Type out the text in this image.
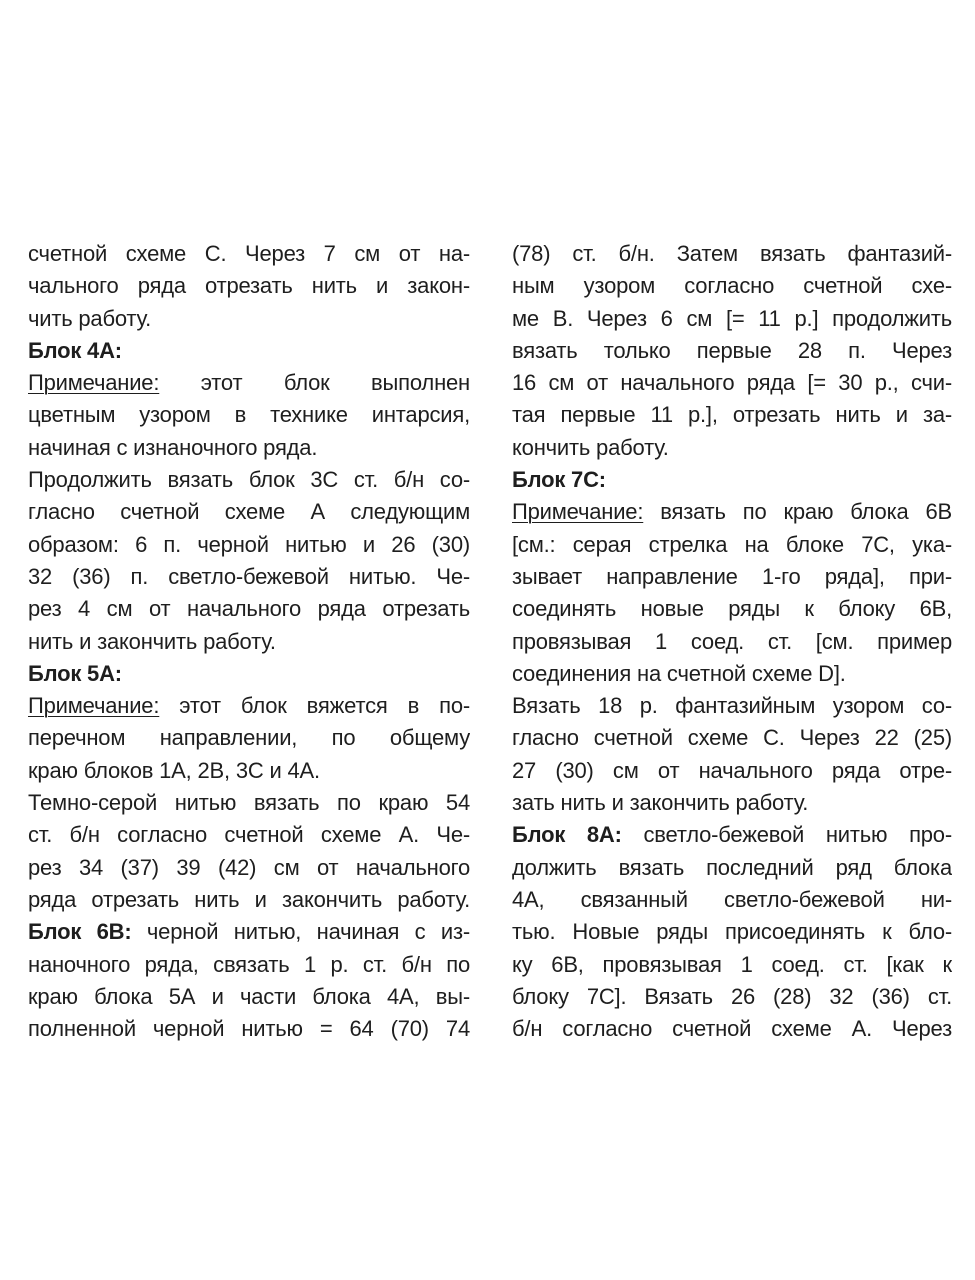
счетной схеме С. Через 7 см от на-
чального ряда отрезать нить и закон-
чить работу.
Блок 4А:
Примечание: этот блок выполнен
цветным узором в технике интарсия,
начиная с изнаночного ряда.
Продолжить вязать блок 3С ст. б/н со-
гласно счетной схеме А следующим
образом: 6 п. черной нитью и 26 (30)
32 (36) п. светло-бежевой нитью. Че-
рез 4 см от начального ряда отрезать
нить и закончить работу.
Блок 5А:
Примечание: этот блок вяжется в по-
перечном направлении, по общему
краю блоков 1А, 2В, 3С и 4А.
Темно-серой нитью вязать по краю 54
ст. б/н согласно счетной схеме А. Че-
рез 34 (37) 39 (42) см от начального
ряда отрезать нить и закончить работу.
Блок 6В: черной нитью, начиная с из-
наночного ряда, связать 1 р. ст. б/н по
краю блока 5А и части блока 4А, вы-
полненной черной нитью = 64 (70) 74
(78) ст. б/н. Затем вязать фантазий-
ным узором согласно счетной схе-
ме В. Через 6 см [= 11 р.] продолжить
вязать только первые 28 п. Через
16 см от начального ряда [= 30 р., счи-
тая первые 11 р.], отрезать нить и за-
кончить работу.
Блок 7С:
Примечание: вязать по краю блока 6В
[см.: серая стрелка на блоке 7С, ука-
зывает направление 1-го ряда], при-
соединять новые ряды к блоку 6В,
провязывая 1 соед. ст. [см. пример
соединения на счетной схеме D].
Вязать 18 р. фантазийным узором со-
гласно счетной схеме С. Через 22 (25)
27 (30) см от начального ряда отре-
зать нить и закончить работу.
Блок 8А: светло-бежевой нитью про-
должить вязать последний ряд блока
4А, связанный светло-бежевой ни-
тью. Новые ряды присоединять к бло-
ку 6В, провязывая 1 соед. ст. [как к
блоку 7С]. Вязать 26 (28) 32 (36) ст.
б/н согласно счетной схеме А. Через
